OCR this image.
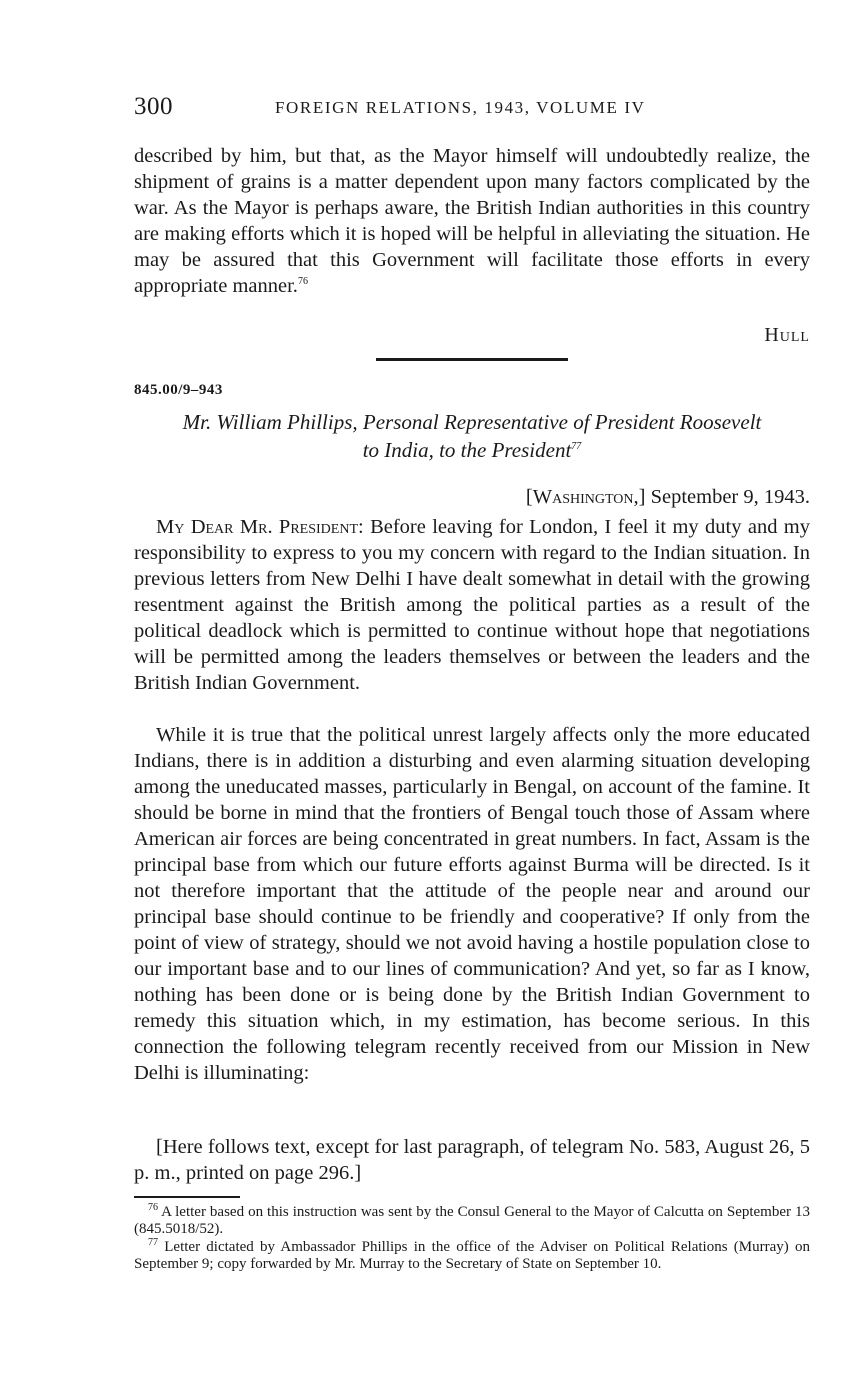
300	FOREIGN RELATIONS, 1943, VOLUME IV

described by him, but that, as the Mayor himself will undoubtedly realize, the shipment of grains is a matter dependent upon many factors complicated by the war. As the Mayor is perhaps aware, the British Indian authorities in this country are making efforts which it is hoped will be helpful in alleviating the situation. He may be assured that this Government will facilitate those efforts in every appropriate manner.$^{76}$

Hull
845.00/9–943
Mr. William Phillips, Personal Representative of President Roosevelt
to India, to the President$^{77}$
[Washington,] September 9, 1943.

My Dear Mr. President: Before leaving for London, I feel it my duty and my responsibility to express to you my concern with regard to the Indian situation. In previous letters from New Delhi I have dealt somewhat in detail with the growing resentment against the British among the political parties as a result of the political deadlock which is permitted to continue without hope that negotiations will be permitted among the leaders themselves or between the leaders and the British Indian Government.

While it is true that the political unrest largely affects only the more educated Indians, there is in addition a disturbing and even alarming situation developing among the uneducated masses, particularly in Bengal, on account of the famine. It should be borne in mind that the frontiers of Bengal touch those of Assam where American air forces are being concentrated in great numbers. In fact, Assam is the principal base from which our future efforts against Burma will be directed. Is it not therefore important that the attitude of the people near and around our principal base should continue to be friendly and cooperative? If only from the point of view of strategy, should we not avoid having a hostile population close to our important base and to our lines of communication? And yet, so far as I know, nothing has been done or is being done by the British Indian Government to remedy this situation which, in my estimation, has become serious. In this connection the following telegram recently received from our Mission in New Delhi is illuminating:

[Here follows text, except for last paragraph, of telegram No. 583, August 26, 5 p. m., printed on page 296.]

$^{76}$ A letter based on this instruction was sent by the Consul General to the Mayor of Calcutta on September 13 (845.5018/52).

$^{77}$ Letter dictated by Ambassador Phillips in the office of the Adviser on Political Relations (Murray) on September 9; copy forwarded by Mr. Murray to the Secretary of State on September 10.
